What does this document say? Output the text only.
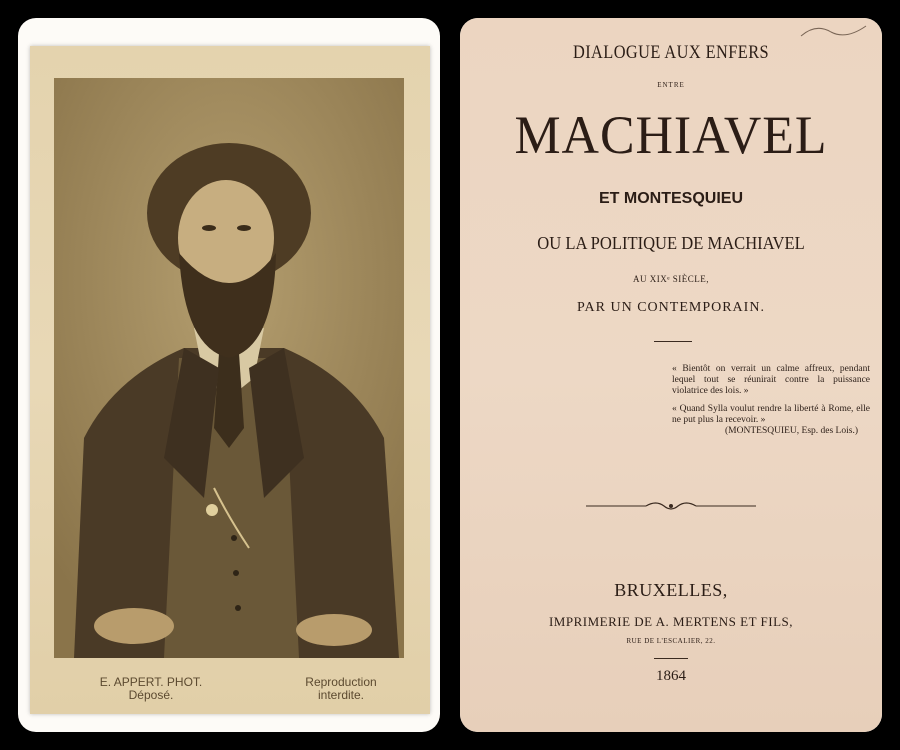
E. APPERT. PHOT.
Déposé.
Reproduction
interdite.
DIALOGUE AUX ENFERS
ENTRE
MACHIAVEL
ET MONTESQUIEU
OU LA POLITIQUE DE MACHIAVEL
AU XIXᵉ SIÈCLE,
PAR UN CONTEMPORAIN.
« Bientôt on verrait un calme affreux, pendant lequel tout se réunirait contre la puissance violatrice des lois. »
« Quand Sylla voulut rendre la liberté à Rome, elle ne put plus la recevoir. »
(MONTESQUIEU, Esp. des Lois.)
BRUXELLES,
IMPRIMERIE DE A. MERTENS ET FILS,
RUE DE L'ESCALIER, 22.
1864
